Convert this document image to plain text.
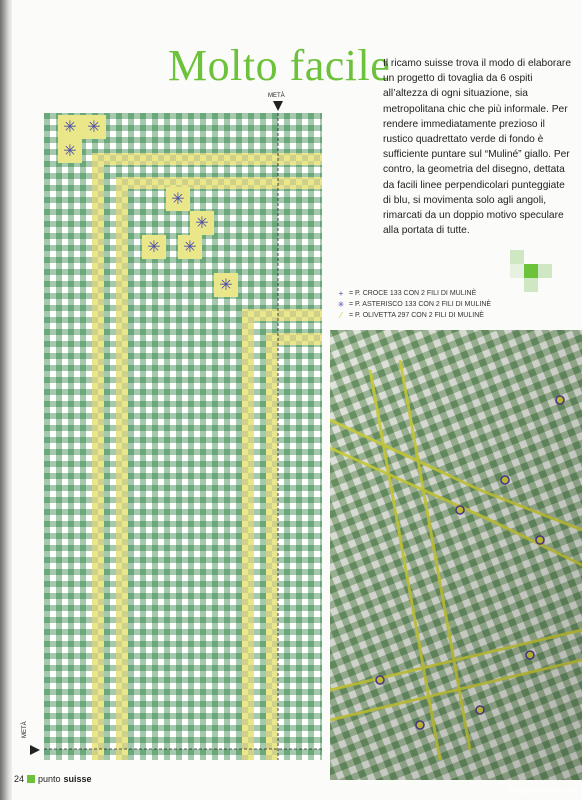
Molto facile
Il ricamo suisse trova il modo di elaborare un progetto di tovaglia da 6 ospiti all’altezza di ogni situazione, sia metropolitana chic che più informale. Per rendere immediatamente prezioso il rustico quadrettato verde di fondo è sufficiente puntare sul “Muliné” giallo. Per contro, la geometria del disegno, dettata da facili linee perpendicolari punteggiate di blu, si movimenta solo agli angoli, rimarcati da un doppio motivo speculare alla portata di tutte.
+ = P. CROCE 133 CON 2 FILI DI MULINÈ
✳ = P. ASTERISCO 133 CON 2 FILI DI MULINÈ
⁄	= P. OLIVETTA 297 CON 2 FILI DI MULINÈ
METÀ
METÀ
✳ ✳
✳
✳
✳
✳ ✳
✳
24 punto suisse
PassionForum.ru
